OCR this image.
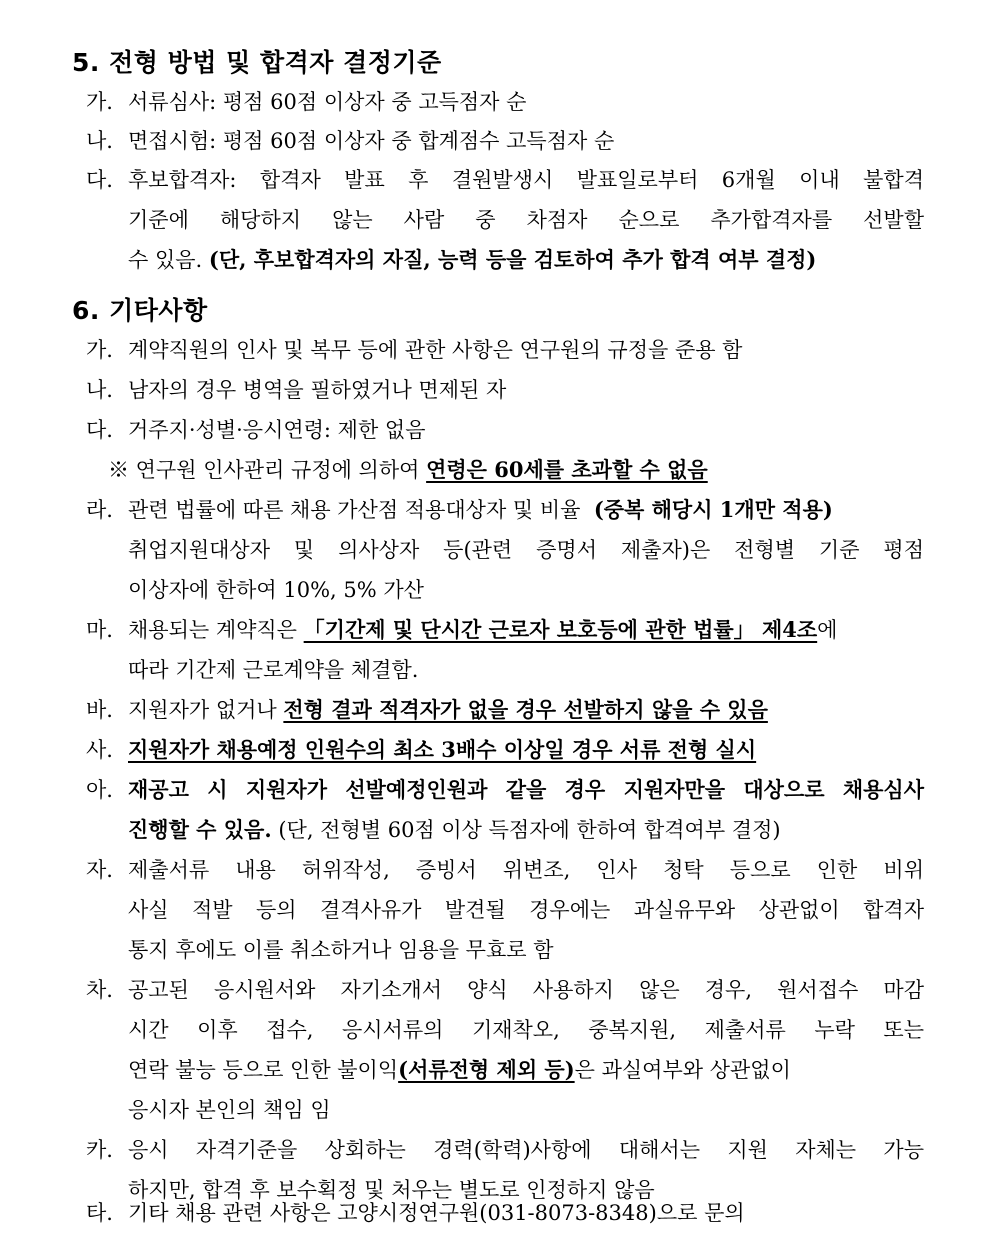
5. 전형 방법 및 합격자 결정기준
가. 서류심사: 평점 60점 이상자 중 고득점자 순
나. 면접시험: 평점 60점 이상자 중 합계점수 고득점자 순
다. 후보합격자: 합격자 발표 후 결원발생시 발표일로부터 6개월 이내 불합격
기준에 해당하지 않는 사람 중 차점자 순으로 추가합격자를 선발할
수 있음. (단, 후보합격자의 자질, 능력 등을 검토하여 추가 합격 여부 결정)
6. 기타사항
가. 계약직원의 인사 및 복무 등에 관한 사항은 연구원의 규정을 준용 함
나. 남자의 경우 병역을 필하였거나 면제된 자
다. 거주지·성별·응시연령: 제한 없음
※ 연구원 인사관리 규정에 의하여 연령은 60세를 초과할 수 없음
라. 관련 법률에 따른 채용 가산점 적용대상자 및 비율 (중복 해당시 1개만 적용)
취업지원대상자 및 의사상자 등(관련 증명서 제출자)은 전형별 기준 평점
이상자에 한하여 10%, 5% 가산
마. 채용되는 계약직은 「기간제 및 단시간 근로자 보호등에 관한 법률」 제4조에
따라 기간제 근로계약을 체결함.
바. 지원자가 없거나 전형 결과 적격자가 없을 경우 선발하지 않을 수 있음
사. 지원자가 채용예정 인원수의 최소 3배수 이상일 경우 서류 전형 실시
아. 재공고 시 지원자가 선발예정인원과 같을 경우 지원자만을 대상으로 채용심사
진행할 수 있음. (단, 전형별 60점 이상 득점자에 한하여 합격여부 결정)
자. 제출서류 내용 허위작성, 증빙서 위변조, 인사 청탁 등으로 인한 비위
사실 적발 등의 결격사유가 발견될 경우에는 과실유무와 상관없이 합격자
통지 후에도 이를 취소하거나 임용을 무효로 함
차. 공고된 응시원서와 자기소개서 양식 사용하지 않은 경우, 원서접수 마감
시간 이후 접수, 응시서류의 기재착오, 중복지원, 제출서류 누락 또는
연락 불능 등으로 인한 불이익(서류전형 제외 등)은 과실여부와 상관없이
응시자 본인의 책임 임
카. 응시 자격기준을 상회하는 경력(학력)사항에 대해서는 지원 자체는 가능
하지만, 합격 후 보수획정 및 처우는 별도로 인정하지 않음
타. 기타 채용 관련 사항은 고양시정연구원(031-8073-8348)으로 문의
